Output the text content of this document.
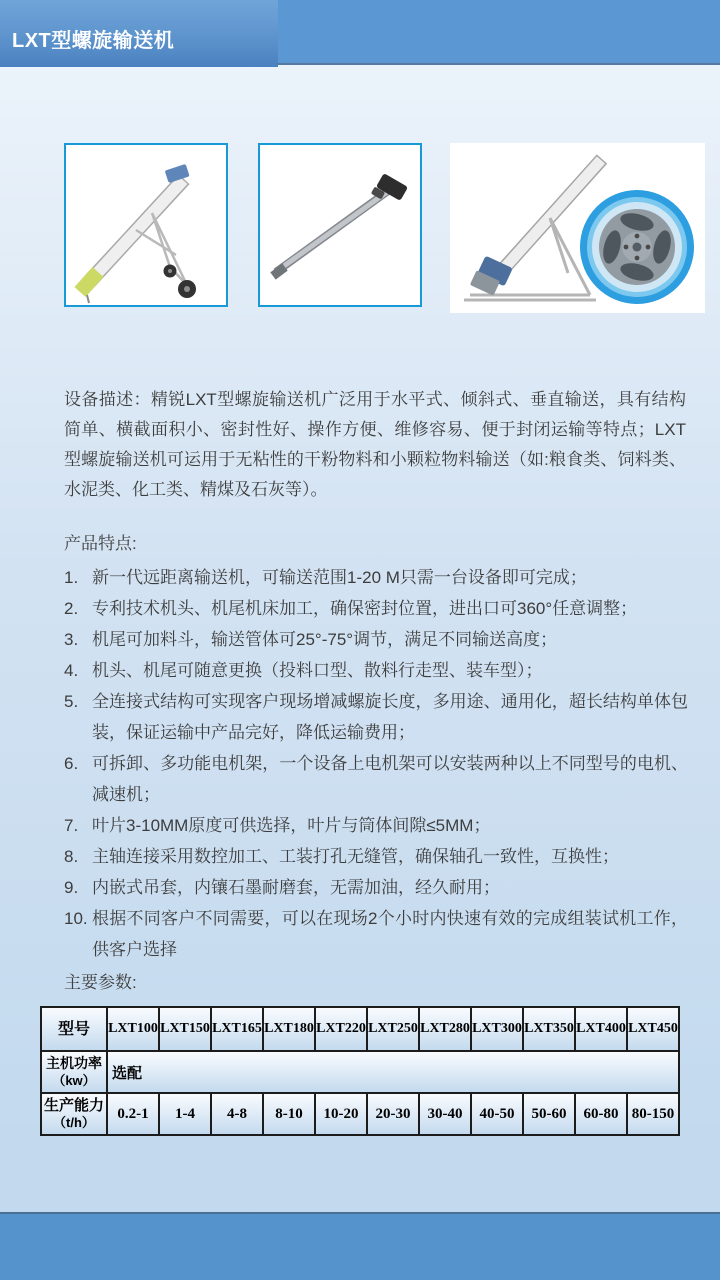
LXT型螺旋输送机

设备描述：精锐LXT型螺旋输送机广泛用于水平式、倾斜式、垂直输送，具有结构简单、横截面积小、密封性好、操作方便、维修容易、便于封闭运输等特点；LXT型螺旋输送机可运用于无粘性的干粉物料和小颗粒物料输送（如:粮食类、饲料类、水泥类、化工类、精煤及石灰等）。

产品特点:
1. 新一代远距离输送机，可输送范围1-20 M只需一台设备即可完成；
2. 专利技术机头、机尾机床加工，确保密封位置，进出口可360°任意调整；
3. 机尾可加料斗，输送管体可25°-75°调节，满足不同输送高度；
4. 机头、机尾可随意更换（投料口型、散料行走型、装车型）；
5. 全连接式结构可实现客户现场增减螺旋长度，多用途、通用化，超长结构单体包装，保证运输中产品完好，降低运输费用；
6. 可拆卸、多功能电机架，一个设备上电机架可以安装两种以上不同型号的电机、减速机；
7. 叶片3-10MM原度可供选择，叶片与筒体间隙≤5MM；
8. 主轴连接采用数控加工、工装打孔无缝管，确保轴孔一致性，互换性；
9. 内嵌式吊套，内镶石墨耐磨套，无需加油，经久耐用；
10. 根据不同客户不同需要，可以在现场2个小时内快速有效的完成组装试机工作，供客户选择
主要参数:
型号	LXT100	LXT150	LXT165	LXT180	LXT220	LXT250	LXT280	LXT300	LXT350	LXT400	LXT450
主机功率
（kw）	选配										
生产能力
（t/h）	0.2-1	1-4	4-8	8-10	10-20	20-30	30-40	40-50	50-60	60-80	80-150
